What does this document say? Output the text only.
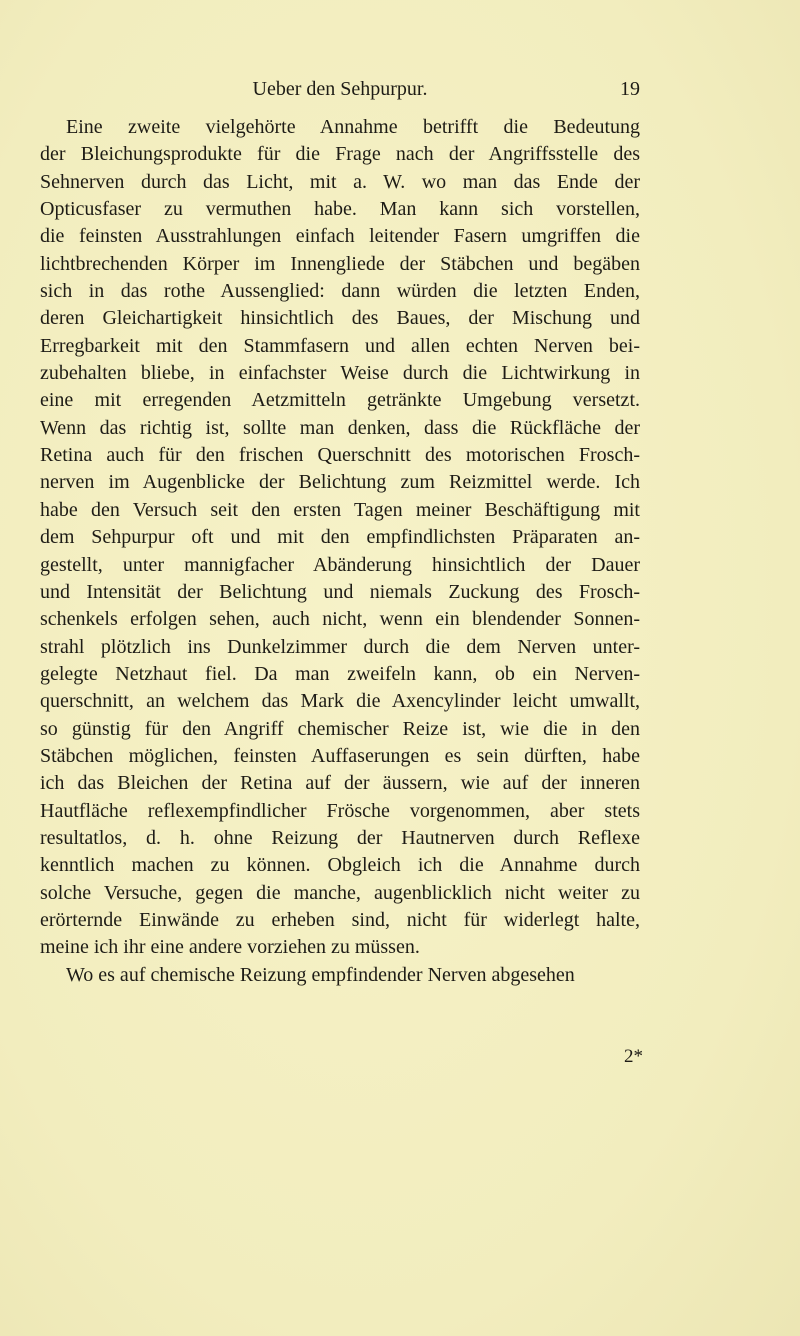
Ueber den Sehpurpur.	19
Eine zweite vielgehörte Annahme betrifft die Bedeutung
der Bleichungsprodukte für die Frage nach der Angriffsstelle des
Sehnerven durch das Licht, mit a. W. wo man das Ende der
Opticusfaser zu vermuthen habe. Man kann sich vorstellen,
die feinsten Ausstrahlungen einfach leitender Fasern umgriffen die
lichtbrechenden Körper im Innengliede der Stäbchen und begäben
sich in das rothe Aussenglied: dann würden die letzten Enden,
deren Gleichartigkeit hinsichtlich des Baues, der Mischung und
Erregbarkeit mit den Stammfasern und allen echten Nerven bei-
zubehalten bliebe, in einfachster Weise durch die Lichtwirkung in
eine mit erregenden Aetzmitteln getränkte Umgebung versetzt.
Wenn das richtig ist, sollte man denken, dass die Rückfläche der
Retina auch für den frischen Querschnitt des motorischen Frosch-
nerven im Augenblicke der Belichtung zum Reizmittel werde. Ich
habe den Versuch seit den ersten Tagen meiner Beschäftigung mit
dem Sehpurpur oft und mit den empfindlichsten Präparaten an-
gestellt, unter mannigfacher Abänderung hinsichtlich der Dauer
und Intensität der Belichtung und niemals Zuckung des Frosch-
schenkels erfolgen sehen, auch nicht, wenn ein blendender Sonnen-
strahl plötzlich ins Dunkelzimmer durch die dem Nerven unter-
gelegte Netzhaut fiel. Da man zweifeln kann, ob ein Nerven-
querschnitt, an welchem das Mark die Axencylinder leicht umwallt,
so günstig für den Angriff chemischer Reize ist, wie die in den
Stäbchen möglichen, feinsten Auffaserungen es sein dürften, habe
ich das Bleichen der Retina auf der äussern, wie auf der inneren
Hautfläche reflexempfindlicher Frösche vorgenommen, aber stets
resultatlos, d. h. ohne Reizung der Hautnerven durch Reflexe
kenntlich machen zu können. Obgleich ich die Annahme durch
solche Versuche, gegen die manche, augenblicklich nicht weiter zu
erörternde Einwände zu erheben sind, nicht für widerlegt halte,
meine ich ihr eine andere vorziehen zu müssen.
Wo es auf chemische Reizung empfindender Nerven abgesehen
2*
